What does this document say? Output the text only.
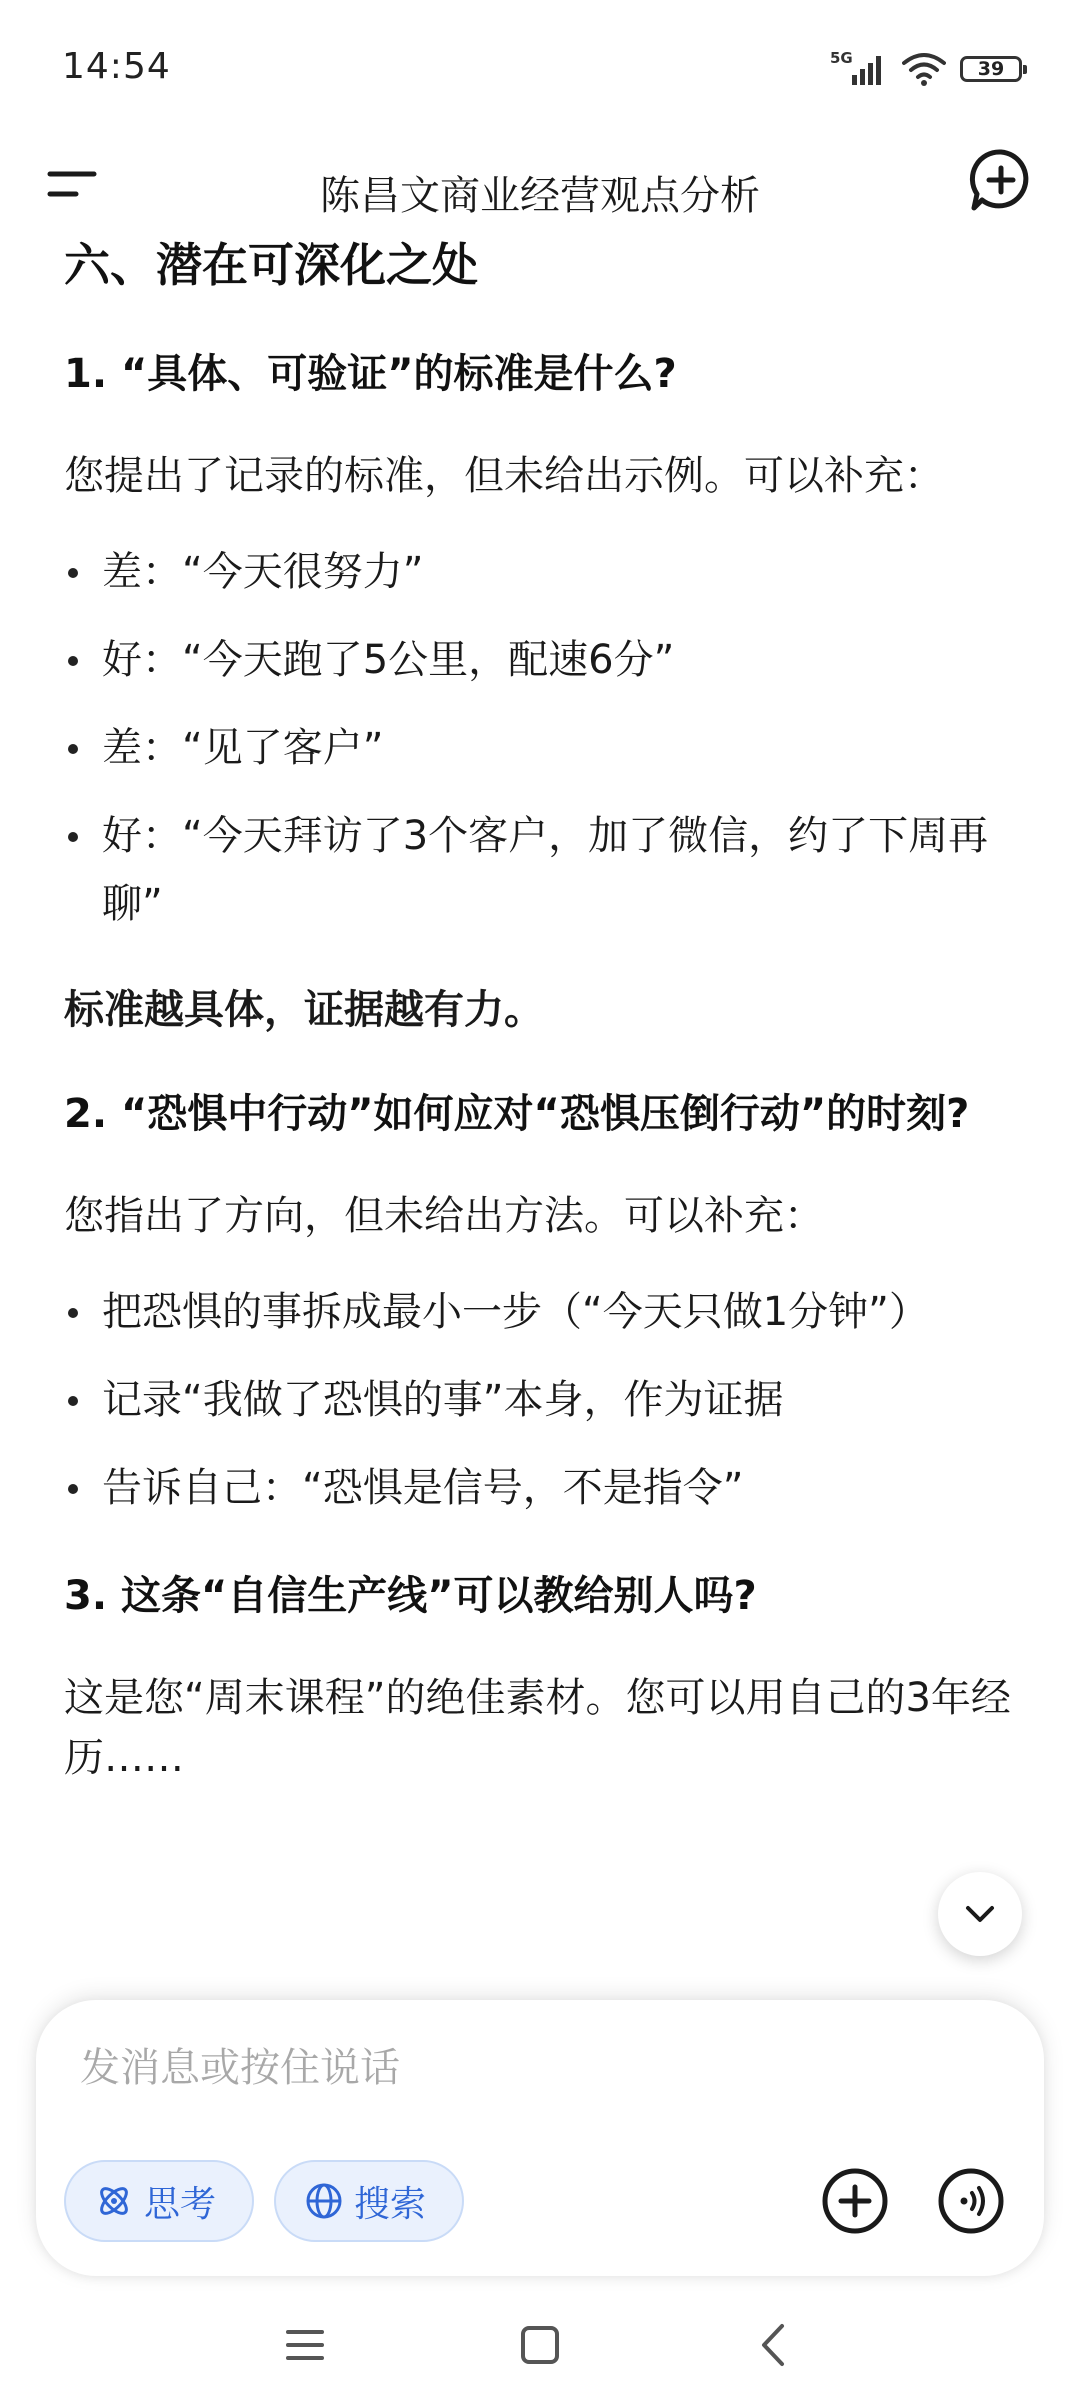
14:54	5G	39
陈昌文商业经营观点分析
六、潜在可深化之处
1. “具体、可验证”的标准是什么?
您提出了记录的标准，但未给出示例。可以补充：
差：“今天很努力”
好：“今天跑了5公里，配速6分”
差：“见了客户”
好：“今天拜访了3个客户，加了微信，约了下周再聊”
标准越具体，证据越有力。
2. “恐惧中行动”如何应对“恐惧压倒行动”的时刻?
您指出了方向，但未给出方法。可以补充：
把恐惧的事拆成最小一步（“今天只做1分钟”）
记录“我做了恐惧的事”本身，作为证据
告诉自己：“恐惧是信号，不是指令”
3. 这条“自信生产线”可以教给别人吗?
这是您“周末课程”的绝佳素材。您可以用自己的3年经历……
发消息或按住说话
思考	搜索
